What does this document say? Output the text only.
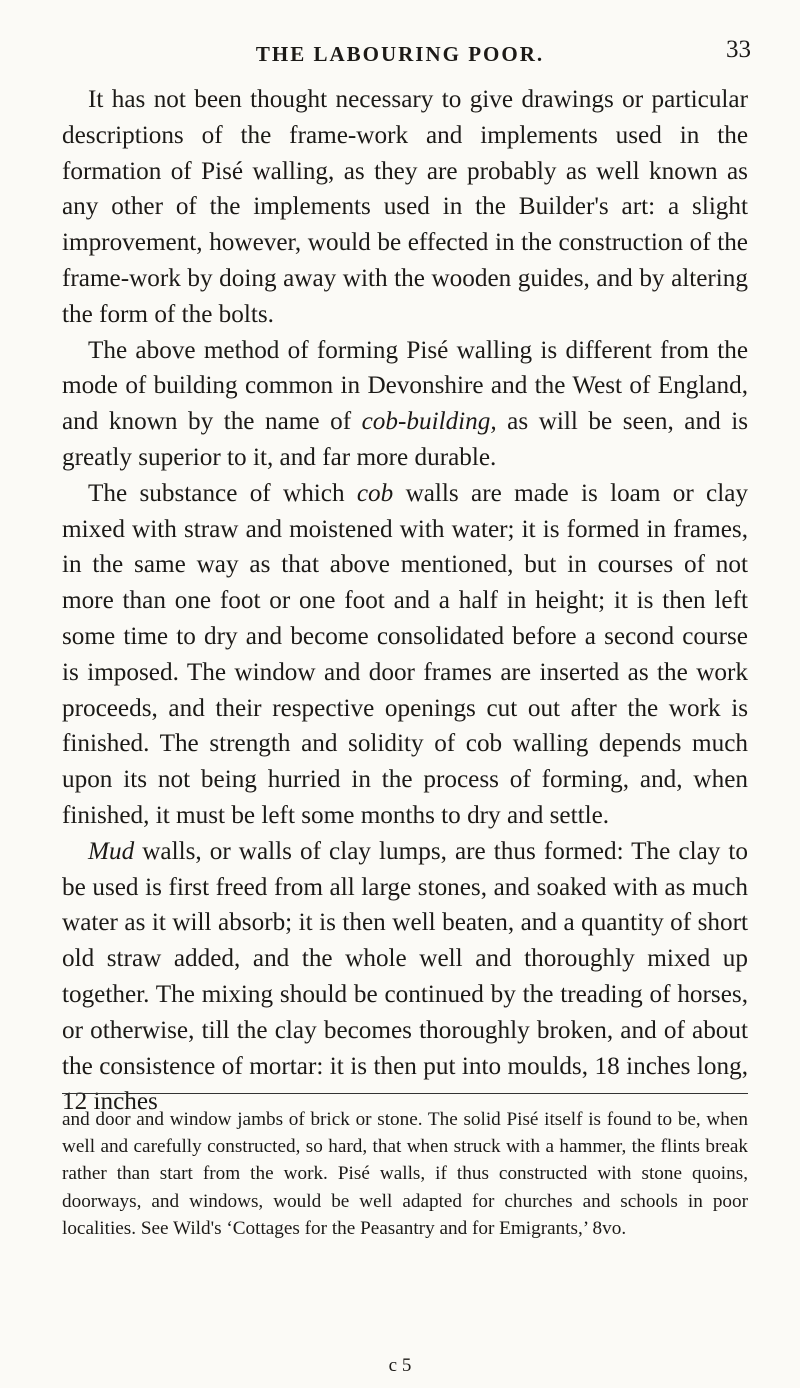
THE LABOURING POOR.	33

It has not been thought necessary to give drawings or particular descriptions of the frame-work and implements used in the formation of Pisé walling, as they are probably as well known as any other of the implements used in the Builder's art: a slight improvement, however, would be effected in the construction of the frame-work by doing away with the wooden guides, and by altering the form of the bolts.

The above method of forming Pisé walling is different from the mode of building common in Devonshire and the West of England, and known by the name of cob-building, as will be seen, and is greatly superior to it, and far more durable.

The substance of which cob walls are made is loam or clay mixed with straw and moistened with water; it is formed in frames, in the same way as that above mentioned, but in courses of not more than one foot or one foot and a half in height; it is then left some time to dry and become consolidated before a second course is imposed. The window and door frames are inserted as the work proceeds, and their respective openings cut out after the work is finished. The strength and solidity of cob walling depends much upon its not being hurried in the process of forming, and, when finished, it must be left some months to dry and settle.

Mud walls, or walls of clay lumps, are thus formed: The clay to be used is first freed from all large stones, and soaked with as much water as it will absorb; it is then well beaten, and a quantity of short old straw added, and the whole well and thoroughly mixed up together. The mixing should be continued by the treading of horses, or otherwise, till the clay becomes thoroughly broken, and of about the consistence of mortar: it is then put into moulds, 18 inches long, 12 inches

and door and window jambs of brick or stone. The solid Pisé itself is found to be, when well and carefully constructed, so hard, that when struck with a hammer, the flints break rather than start from the work. Pisé walls, if thus constructed with stone quoins, doorways, and windows, would be well adapted for churches and schools in poor localities. See Wild's ‘Cottages for the Peasantry and for Emigrants,’ 8vo.

c 5
